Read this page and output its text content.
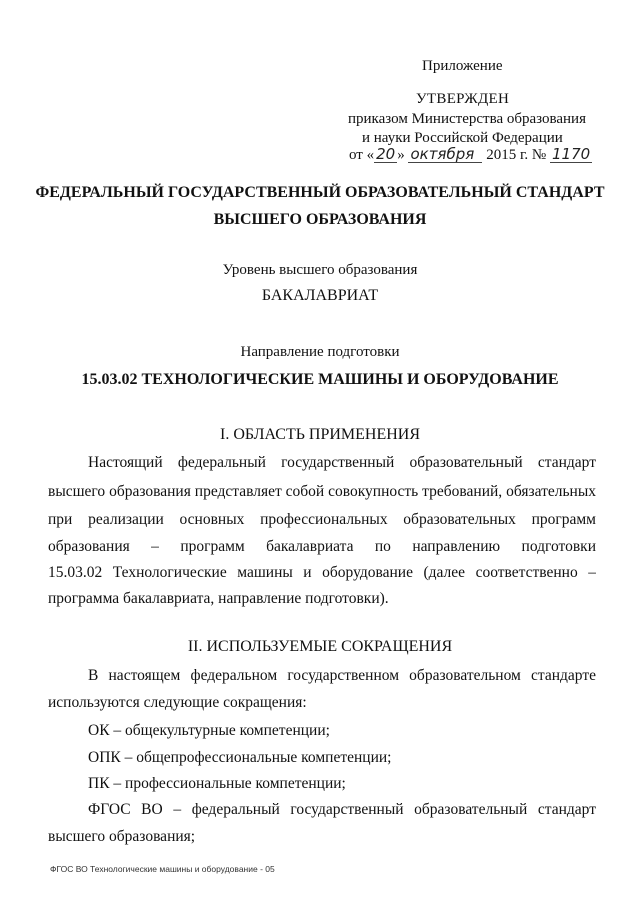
Приложение
УТВЕРЖДЕН
приказом Министерства образования
и науки Российской Федерации
от « 20 » октября 2015 г. № 1170
ФЕДЕРАЛЬНЫЙ ГОСУДАРСТВЕННЫЙ ОБРАЗОВАТЕЛЬНЫЙ СТАНДАРТ
ВЫСШЕГО ОБРАЗОВАНИЯ
Уровень высшего образования
БАКАЛАВРИАТ
Направление подготовки
15.03.02 ТЕХНОЛОГИЧЕСКИЕ МАШИНЫ И ОБОРУДОВАНИЕ
I. ОБЛАСТЬ ПРИМЕНЕНИЯ
Настоящий федеральный государственный образовательный стандарт
высшего образования представляет собой совокупность требований, обязательных
при реализации основных профессиональных образовательных программ
образования – программ бакалавриата по направлению подготовки
15.03.02 Технологические машины и оборудование (далее соответственно –
программа бакалавриата, направление подготовки).
II. ИСПОЛЬЗУЕМЫЕ СОКРАЩЕНИЯ
В настоящем федеральном государственном образовательном стандарте
используются следующие сокращения:
ОК – общекультурные компетенции;
ОПК – общепрофессиональные компетенции;
ПК – профессиональные компетенции;
ФГОС ВО – федеральный государственный образовательный стандарт
высшего образования;
ФГОС ВО Технологические машины и оборудование - 05
